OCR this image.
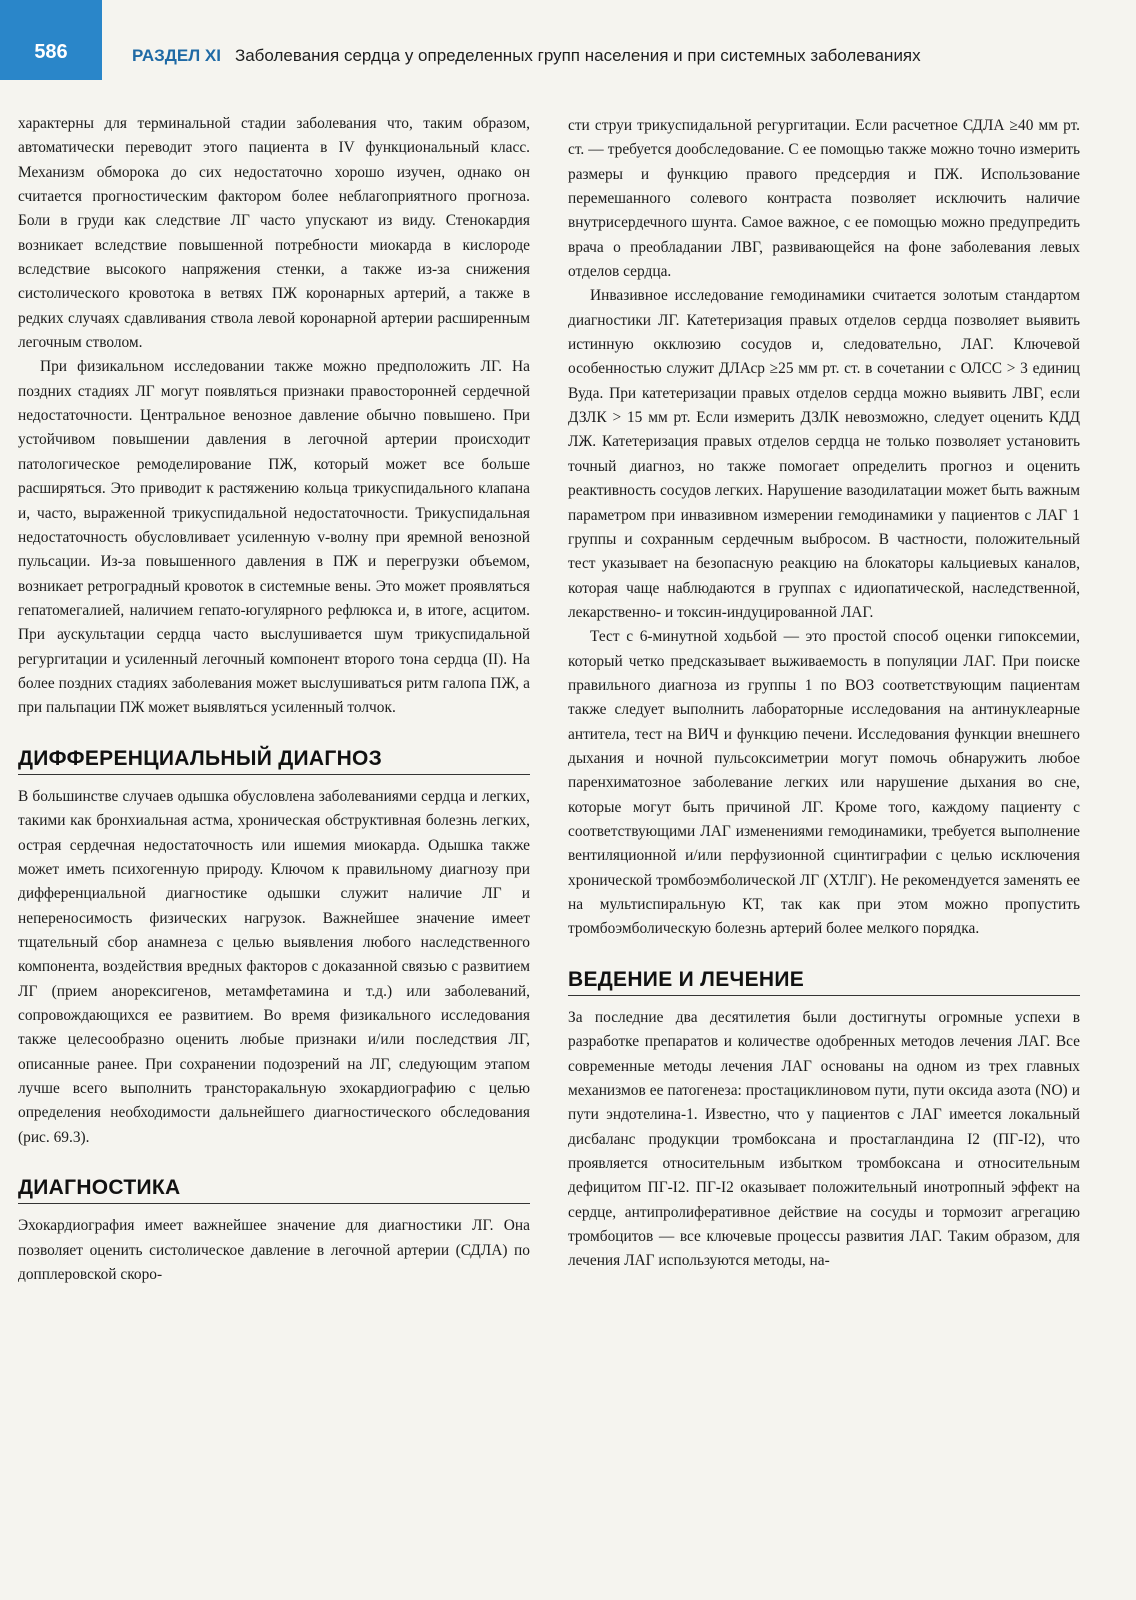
586	РАЗДЕЛ XI Заболевания сердца у определенных групп населения и при системных заболеваниях

характерны для терминальной стадии заболевания что, таким образом, автоматически переводит этого пациента в IV функциональный класс. Механизм обморока до сих недостаточно хорошо изучен, однако он считается прогностическим фактором более неблагоприятного прогноза. Боли в груди как следствие ЛГ часто упускают из виду. Стенокардия возникает вследствие повышенной потребности миокарда в кислороде вследствие высокого напряжения стенки, а также из-за снижения систолического кровотока в ветвях ПЖ коронарных артерий, а также в редких случаях сдавливания ствола левой коронарной артерии расширенным легочным стволом.

При физикальном исследовании также можно предположить ЛГ. На поздних стадиях ЛГ могут появляться признаки правосторонней сердечной недостаточности. Центральное венозное давление обычно повышено. При устойчивом повышении давления в легочной артерии происходит патологическое ремоделирование ПЖ, который может все больше расширяться. Это приводит к растяжению кольца трикуспидального клапана и, часто, выраженной трикуспидальной недостаточности. Трикуспидальная недостаточность обусловливает усиленную v-волну при яремной венозной пульсации. Из-за повышенного давления в ПЖ и перегрузки объемом, возникает ретроградный кровоток в системные вены. Это может проявляться гепатомегалией, наличием гепато-югулярного рефлюкса и, в итоге, асцитом. При аускультации сердца часто выслушивается шум трикуспидальной регургитации и усиленный легочный компонент второго тона сердца (II). На более поздних стадиях заболевания может выслушиваться ритм галопа ПЖ, а при пальпации ПЖ может выявляться усиленный толчок.

ДИФФЕРЕНЦИАЛЬНЫЙ ДИАГНОЗ

В большинстве случаев одышка обусловлена заболеваниями сердца и легких, такими как бронхиальная астма, хроническая обструктивная болезнь легких, острая сердечная недостаточность или ишемия миокарда. Одышка также может иметь психогенную природу. Ключом к правильному диагнозу при дифференциальной диагностике одышки служит наличие ЛГ и непереносимость физических нагрузок. Важнейшее значение имеет тщательный сбор анамнеза с целью выявления любого наследственного компонента, воздействия вредных факторов с доказанной связью с развитием ЛГ (прием анорексигенов, метамфетамина и т.д.) или заболеваний, сопровождающихся ее развитием. Во время физикального исследования также целесообразно оценить любые признаки и/или последствия ЛГ, описанные ранее. При сохранении подозрений на ЛГ, следующим этапом лучше всего выполнить трансторакальную эхокардиографию с целью определения необходимости дальнейшего диагностического обследования (рис. 69.3).

ДИАГНОСТИКА

Эхокардиография имеет важнейшее значение для диагностики ЛГ. Она позволяет оценить систолическое давление в легочной артерии (СДЛА) по допплеровской скоро-

сти струи трикуспидальной регургитации. Если расчетное СДЛА ≥40 мм рт. ст. — требуется дообследование. С ее помощью также можно точно измерить размеры и функцию правого предсердия и ПЖ. Использование перемешанного солевого контраста позволяет исключить наличие внутрисердечного шунта. Самое важное, с ее помощью можно предупредить врача о преобладании ЛВГ, развивающейся на фоне заболевания левых отделов сердца.

Инвазивное исследование гемодинамики считается золотым стандартом диагностики ЛГ. Катетеризация правых отделов сердца позволяет выявить истинную окклюзию сосудов и, следовательно, ЛАГ. Ключевой особенностью служит ДЛАср ≥25 мм рт. ст. в сочетании с ОЛСС > 3 единиц Вуда. При катетеризации правых отделов сердца можно выявить ЛВГ, если ДЗЛК > 15 мм рт. Если измерить ДЗЛК невозможно, следует оценить КДД ЛЖ. Катетеризация правых отделов сердца не только позволяет установить точный диагноз, но также помогает определить прогноз и оценить реактивность сосудов легких. Нарушение вазодилатации может быть важным параметром при инвазивном измерении гемодинамики у пациентов с ЛАГ 1 группы и сохранным сердечным выбросом. В частности, положительный тест указывает на безопасную реакцию на блокаторы кальциевых каналов, которая чаще наблюдаются в группах с идиопатической, наследственной, лекарственно- и токсин-индуцированной ЛАГ.

Тест с 6-минутной ходьбой — это простой способ оценки гипоксемии, который четко предсказывает выживаемость в популяции ЛАГ. При поиске правильного диагноза из группы 1 по ВОЗ соответствующим пациентам также следует выполнить лабораторные исследования на антинуклеарные антитела, тест на ВИЧ и функцию печени. Исследования функции внешнего дыхания и ночной пульсоксиметрии могут помочь обнаружить любое паренхиматозное заболевание легких или нарушение дыхания во сне, которые могут быть причиной ЛГ. Кроме того, каждому пациенту с соответствующими ЛАГ изменениями гемодинамики, требуется выполнение вентиляционной и/или перфузионной сцинтиграфии с целью исключения хронической тромбоэмболической ЛГ (ХТЛГ). Не рекомендуется заменять ее на мультиспиральную КТ, так как при этом можно пропустить тромбоэмболическую болезнь артерий более мелкого порядка.

ВЕДЕНИЕ И ЛЕЧЕНИЕ

За последние два десятилетия были достигнуты огромные успехи в разработке препаратов и количестве одобренных методов лечения ЛАГ. Все современные методы лечения ЛАГ основаны на одном из трех главных механизмов ее патогенеза: простациклиновом пути, пути оксида азота (NO) и пути эндотелина-1. Известно, что у пациентов с ЛАГ имеется локальный дисбаланс продукции тромбоксана и простагландина I2 (ПГ-I2), что проявляется относительным избытком тромбоксана и относительным дефицитом ПГ-I2. ПГ-I2 оказывает положительный инотропный эффект на сердце, антипролиферативное действие на сосуды и тормозит агрегацию тромбоцитов — все ключевые процессы развития ЛАГ. Таким образом, для лечения ЛАГ используются методы, на-
